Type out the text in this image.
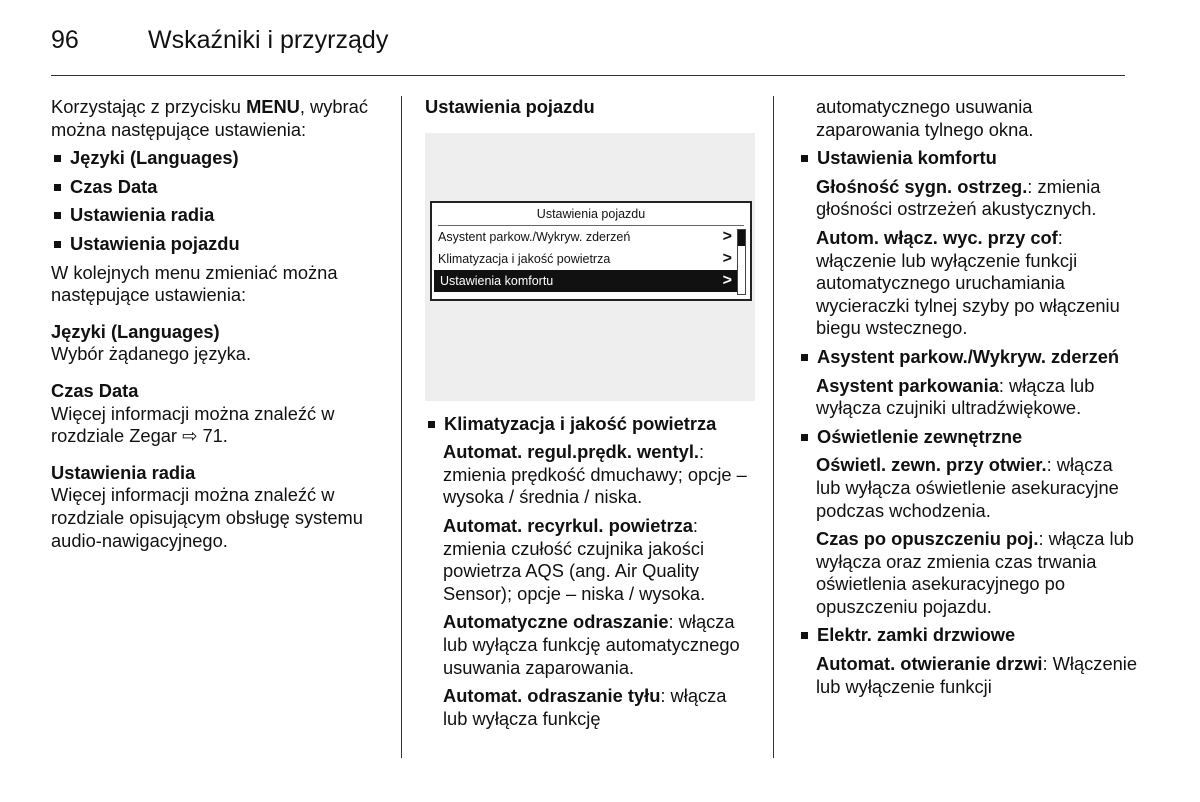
96	Wskaźniki i przyrządy

Korzystając z przycisku MENU, wybrać można następujące ustawienia:

Języki (Languages)
Czas Data
Ustawienia radia
Ustawienia pojazdu

W kolejnych menu zmieniać można następujące ustawienia:

Języki (Languages)

Wybór żądanego języka.

Czas Data

Więcej informacji można znaleźć w rozdziale Zegar ⇨ 71.

Ustawienia radia

Więcej informacji można znaleźć w rozdziale opisującym obsługę systemu audio-nawigacyjnego.

Ustawienia pojazdu

Ustawienia pojazdu
Asystent parkow./Wykryw. zderzeń	>
Klimatyzacja i jakość powietrza	>
Ustawienia komfortu	>
Klimatyzacja i jakość powietrza

Automat. regul.prędk. wentyl.: zmienia prędkość dmuchawy; opcje – wysoka / średnia / niska.

Automat. recyrkul. powietrza: zmienia czułość czujnika jakości powietrza AQS (ang. Air Quality Sensor); opcje – niska / wysoka.

Automatyczne odraszanie: włącza lub wyłącza funkcję automatycznego usuwania zaparowania.

Automat. odraszanie tyłu: włącza lub wyłącza funkcję

automatycznego usuwania zaparowania tylnego okna.

Ustawienia komfortu

Głośność sygn. ostrzeg.: zmienia głośności ostrzeżeń akustycznych.

Autom. włącz. wyc. przy cof: włączenie lub wyłączenie funkcji automatycznego uruchamiania wycieraczki tylnej szyby po włączeniu biegu wstecznego.

Asystent parkow./Wykryw. zderzeń

Asystent parkowania: włącza lub wyłącza czujniki ultradźwiękowe.

Oświetlenie zewnętrzne

Oświetl. zewn. przy otwier.: włącza lub wyłącza oświetlenie asekuracyjne podczas wchodzenia.

Czas po opuszczeniu poj.: włącza lub wyłącza oraz zmienia czas trwania oświetlenia asekuracyjnego po opuszczeniu pojazdu.

Elektr. zamki drzwiowe

Automat. otwieranie drzwi: Włączenie lub wyłączenie funkcji
